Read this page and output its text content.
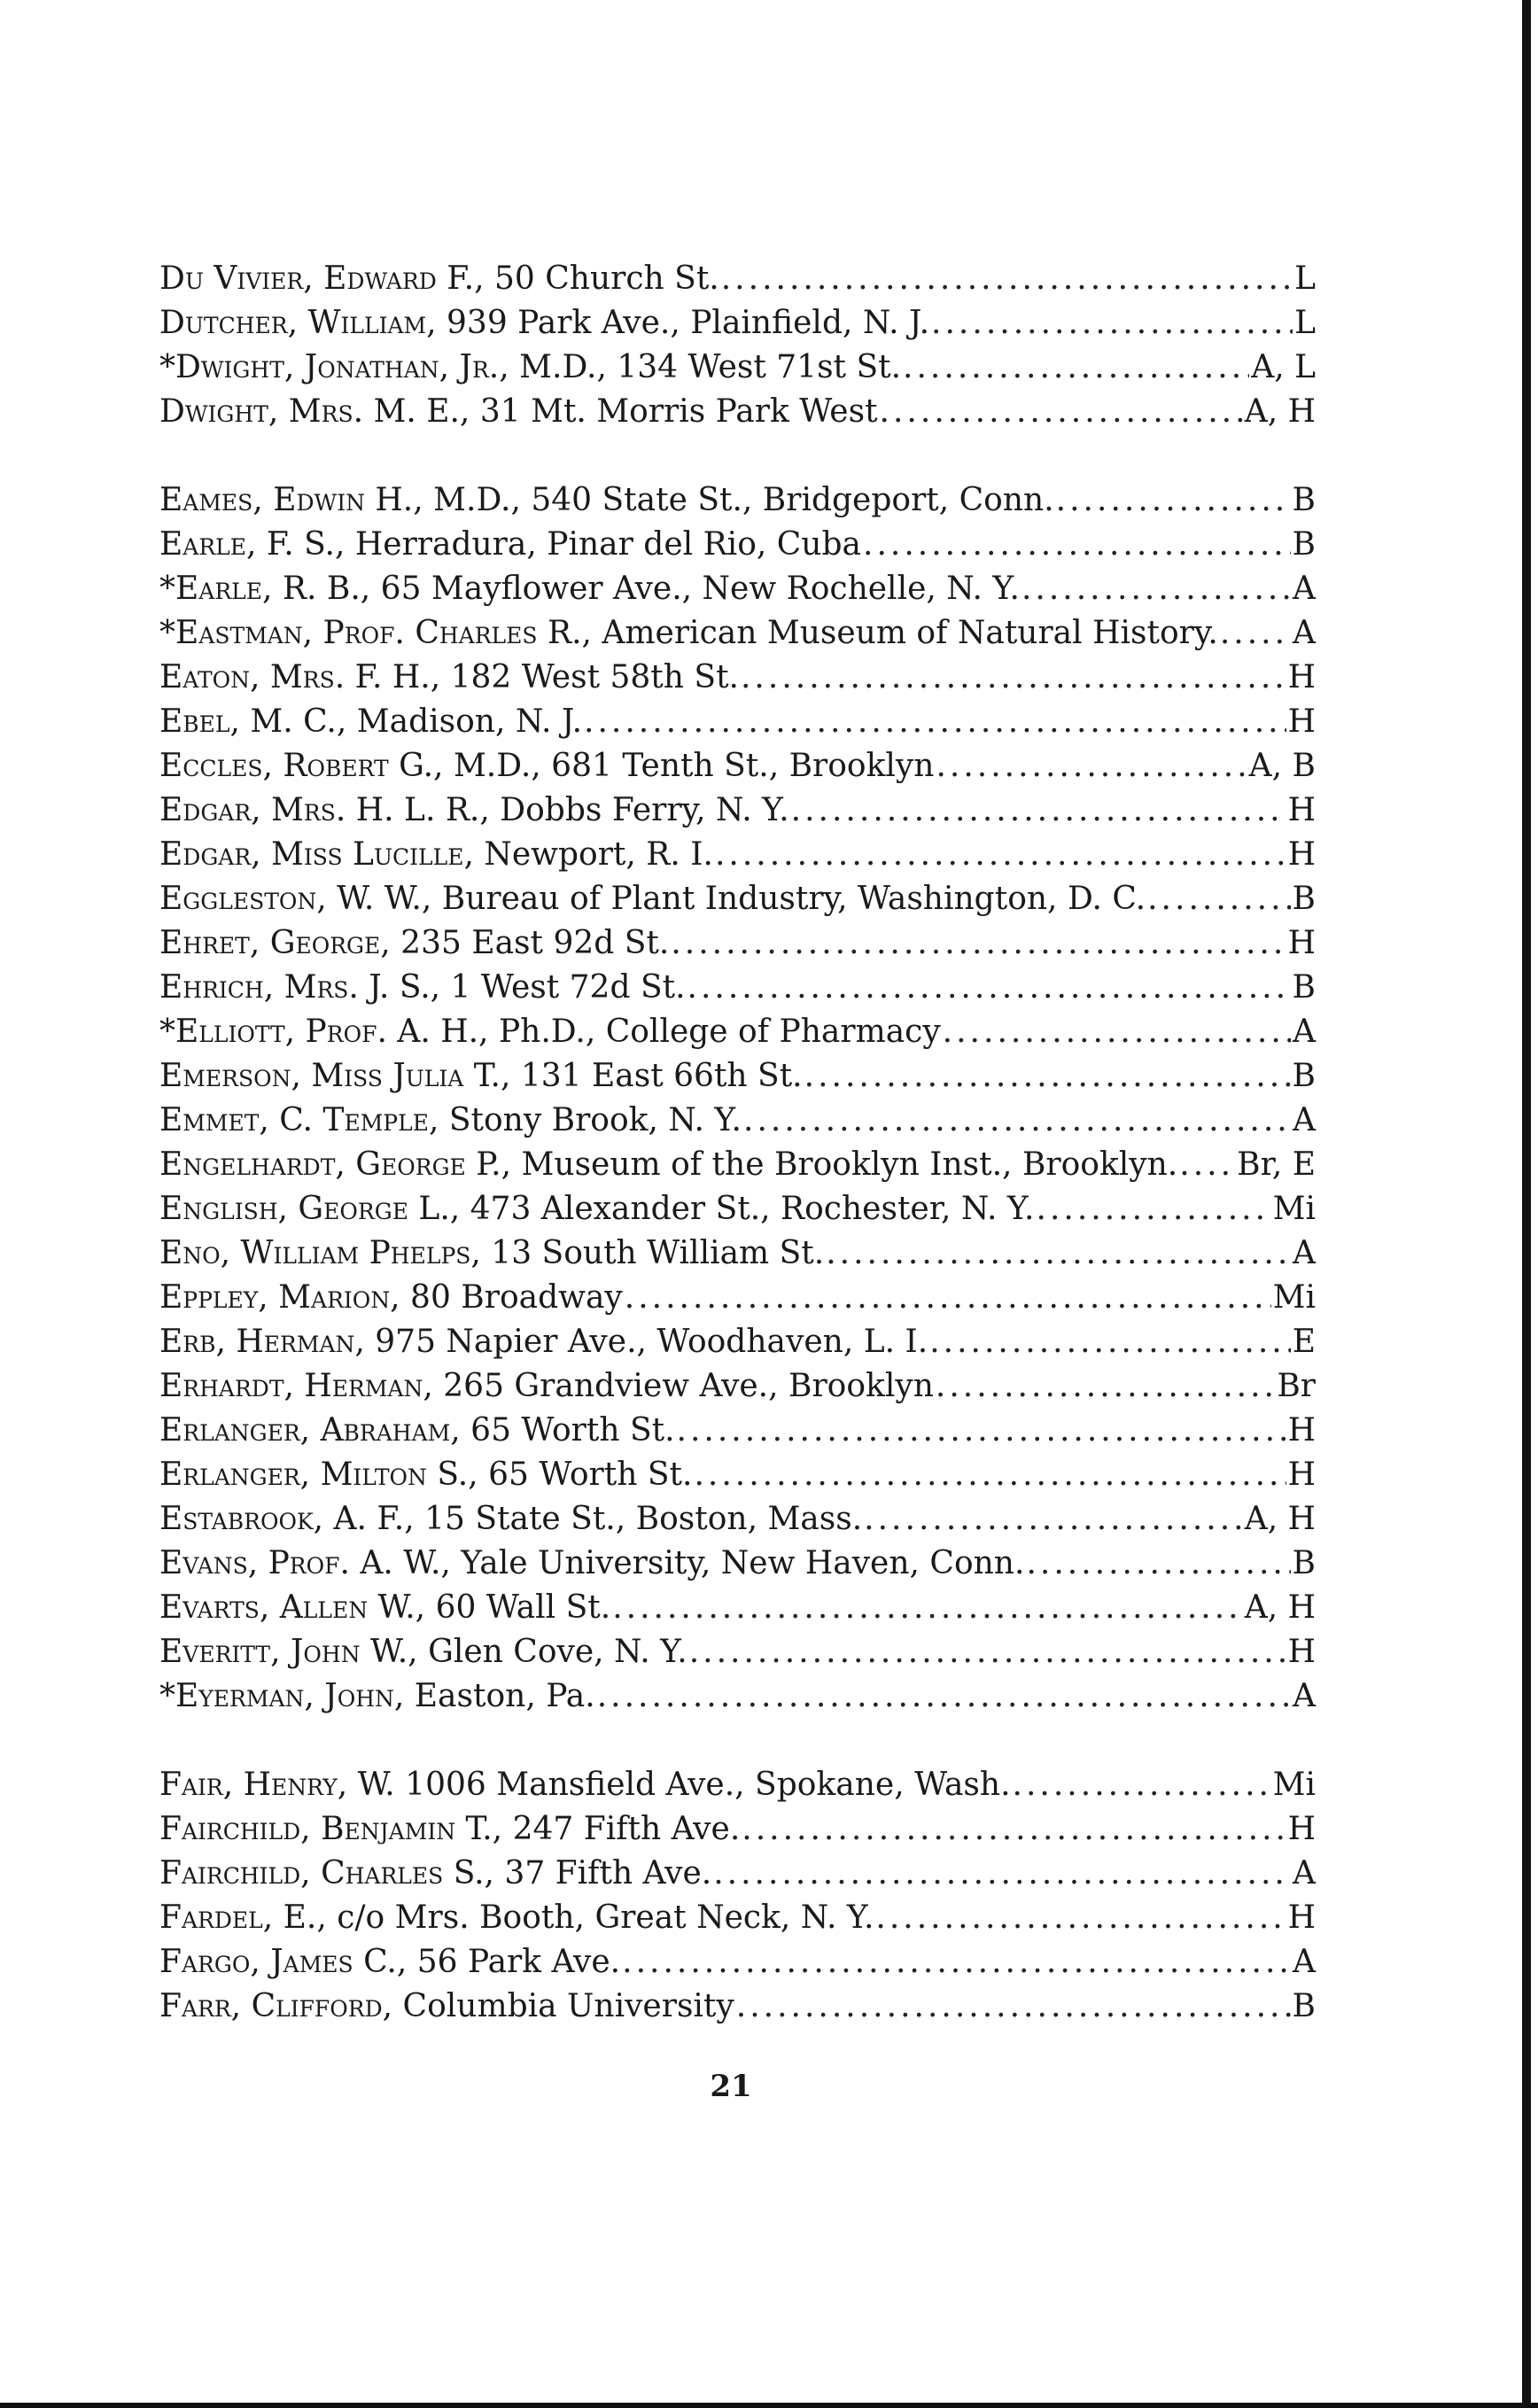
Du Vivier, Edward F., 50 Church St. .....	L
Dutcher, William, 939 Park Ave., Plainfield, N. J. .....	L
*Dwight, Jonathan, Jr., M.D., 134 West 71st St. .....	A, L
Dwight, Mrs. M. E., 31 Mt. Morris Park West .....	A, H
Eames, Edwin H., M.D., 540 State St., Bridgeport, Conn. .....	B
Earle, F. S., Herradura, Pinar del Rio, Cuba .....	B
*Earle, R. B., 65 Mayflower Ave., New Rochelle, N. Y. .....	A
*Eastman, Prof. Charles R., American Museum of Natural History. ..... A
Eaton, Mrs. F. H., 182 West 58th St. .....	H
Ebel, M. C., Madison, N. J. .....	H
Eccles, Robert G., M.D., 681 Tenth St., Brooklyn .....	A, B
Edgar, Mrs. H. L. R., Dobbs Ferry, N. Y. .....	H
Edgar, Miss Lucille, Newport, R. I. .....	H
Eggleston, W. W., Bureau of Plant Industry, Washington, D. C. .....	B
Ehret, George, 235 East 92d St. .....	H
Ehrich, Mrs. J. S., 1 West 72d St. .....	B
*Elliott, Prof. A. H., Ph.D., College of Pharmacy .....	A
Emerson, Miss Julia T., 131 East 66th St. .....	B
Emmet, C. Temple, Stony Brook, N. Y. .....	A
Engelhardt, George P., Museum of the Brooklyn Inst., Brooklyn. ..... Br, E
English, George L., 473 Alexander St., Rochester, N. Y. .....	Mi
Eno, William Phelps, 13 South William St. .....	A
Eppley, Marion, 80 Broadway .....	Mi
Erb, Herman, 975 Napier Ave., Woodhaven, L. I. .....	E
Erhardt, Herman, 265 Grandview Ave., Brooklyn .....	Br
Erlanger, Abraham, 65 Worth St. .....	H
Erlanger, Milton S., 65 Worth St. .....	H
Estabrook, A. F., 15 State St., Boston, Mass. .....	A, H
Evans, Prof. A. W., Yale University, New Haven, Conn. .....	B
Evarts, Allen W., 60 Wall St. .....	A, H
Everitt, John W., Glen Cove, N. Y. .....	H
*Eyerman, John, Easton, Pa. .....	A
Fair, Henry, W. 1006 Mansfield Ave., Spokane, Wash. .....	Mi
Fairchild, Benjamin T., 247 Fifth Ave. .....	H
Fairchild, Charles S., 37 Fifth Ave. .....	A
Fardel, E., c/o Mrs. Booth, Great Neck, N. Y. .....	H
Fargo, James C., 56 Park Ave. .....	A
Farr, Clifford, Columbia University .....	B
21
